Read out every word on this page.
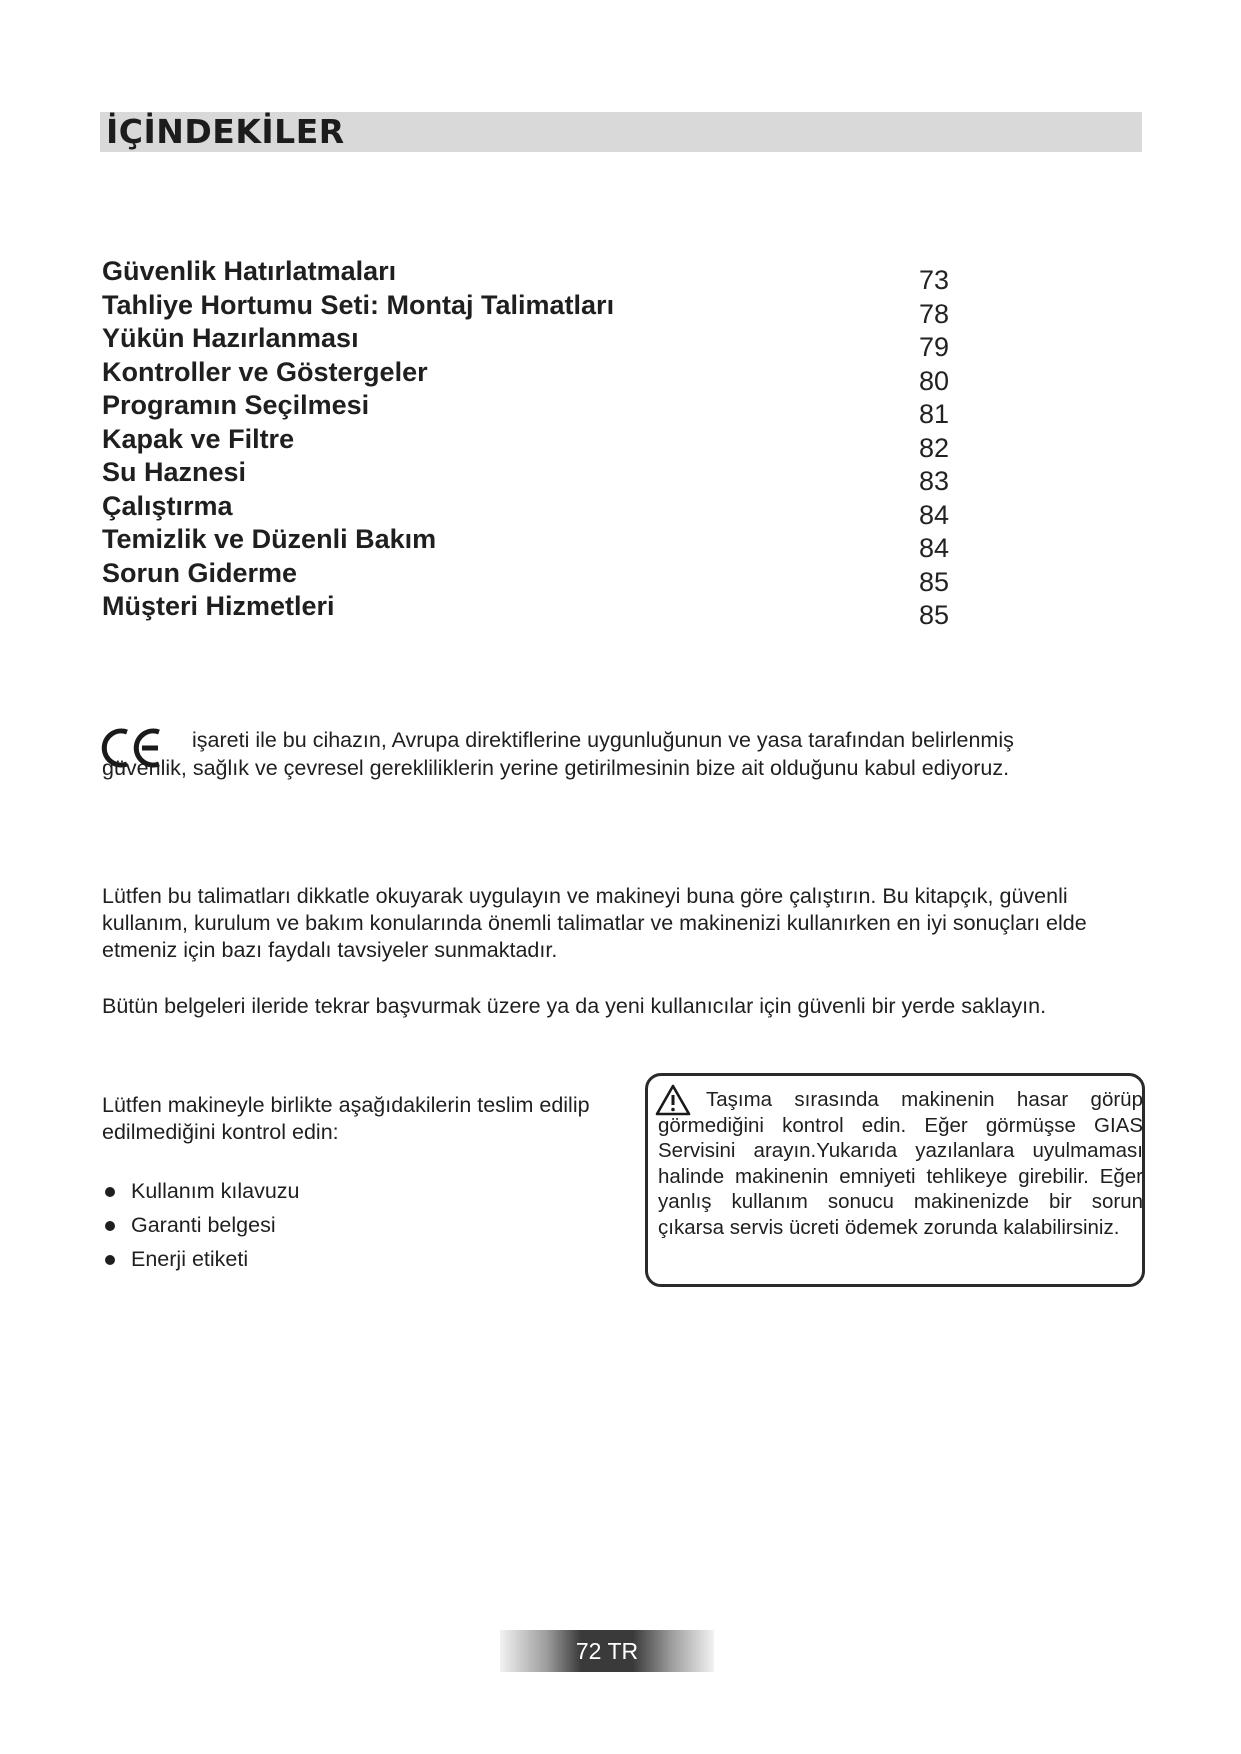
İÇİNDEKİLER
Güvenlik Hatırlatmaları	73
Tahliye Hortumu Seti: Montaj Talimatları	78
Yükün Hazırlanması	79
Kontroller ve Göstergeler	80
Programın Seçilmesi	81
Kapak ve Filtre	82
Su Haznesi	83
Çalıştırma	84
Temizlik ve Düzenli Bakım	84
Sorun Giderme	85
Müşteri Hizmetleri	85
işareti ile bu cihazın, Avrupa direktiflerine uygunluğunun ve yasa tarafından belirlenmiş
güvenlik, sağlık ve çevresel gerekliliklerin yerine getirilmesinin bize ait olduğunu kabul ediyoruz.
Lütfen bu talimatları dikkatle okuyarak uygulayın ve makineyi buna göre çalıştırın. Bu kitapçık, güvenli kullanım, kurulum ve bakım konularında önemli talimatlar ve makinenizi kullanırken en iyi sonuçları elde etmeniz için bazı faydalı tavsiyeler sunmaktadır.
Bütün belgeleri ileride tekrar başvurmak üzere ya da yeni kullanıcılar için güvenli bir yerde saklayın.
Lütfen makineyle birlikte aşağıdakilerin teslim edilip edilmediğini kontrol edin:
Kullanım kılavuzu
Garanti belgesi
Enerji etiketi
Taşıma sırasında makinenin hasar görüp görmediğini kontrol edin. Eğer görmüşse GIAS Servisini arayın.Yukarıda yazılanlara uyulmaması halinde makinenin emniyeti tehlikeye girebilir. Eğer yanlış kullanım sonucu makinenizde bir sorun çıkarsa servis ücreti ödemek zorunda kalabilirsiniz.
72 TR
